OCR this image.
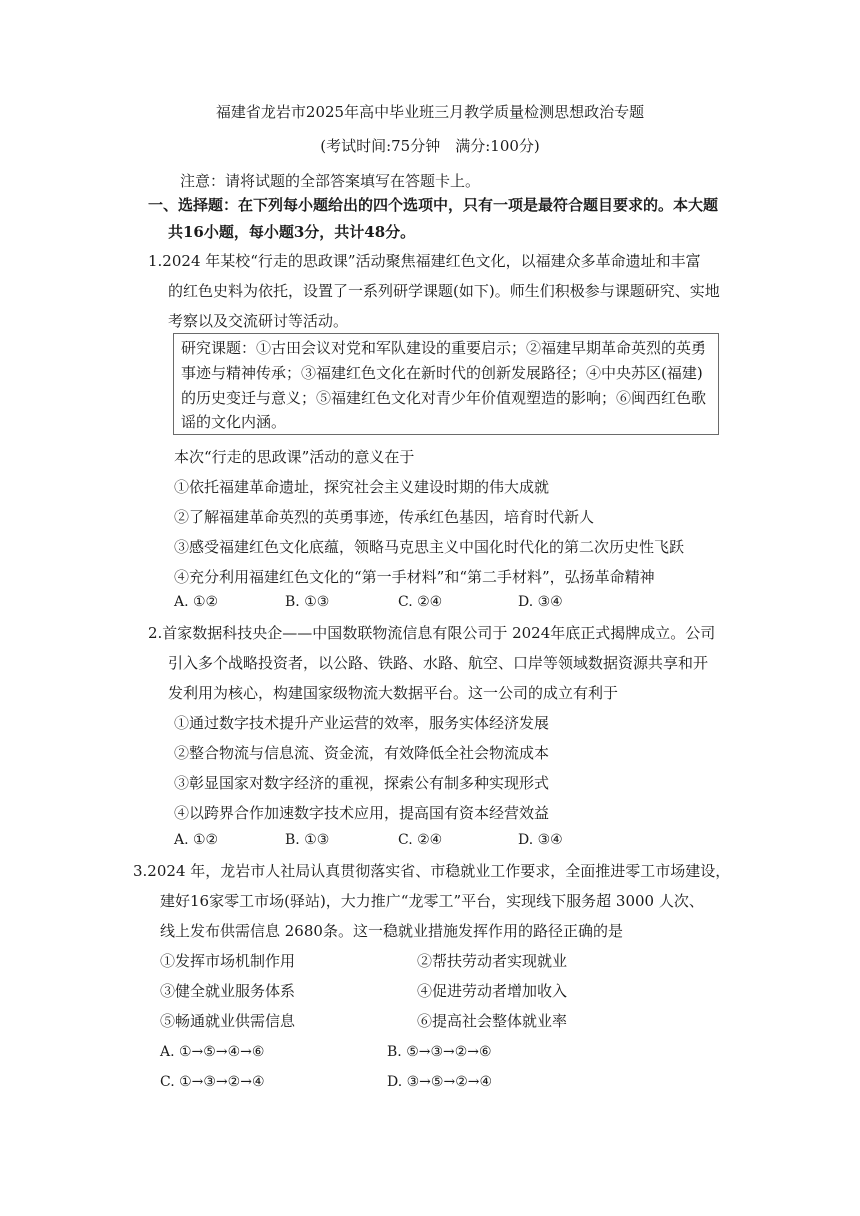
福建省龙岩市2025年高中毕业班三月教学质量检测思想政治专题
(考试时间:75分钟　满分:100分)
注意：请将试题的全部答案填写在答题卡上。
一、选择题：在下列每小题给出的四个选项中，只有一项是最符合题目要求的。本大题
共16小题，每小题3分，共计48分。
1.2024 年某校“行走的思政课”活动聚焦福建红色文化，以福建众多革命遗址和丰富
的红色史料为依托，设置了一系列研学课题(如下)。师生们积极参与课题研究、实地
考察以及交流研讨等活动。
研究课题：①古田会议对党和军队建设的重要启示；②福建早期革命英烈的英勇
事迹与精神传承；③福建红色文化在新时代的创新发展路径；④中央苏区(福建)
的历史变迁与意义；⑤福建红色文化对青少年价值观塑造的影响；⑥闽西红色歌
谣的文化内涵。
本次“行走的思政课”活动的意义在于
①依托福建革命遗址，探究社会主义建设时期的伟大成就
②了解福建革命英烈的英勇事迹，传承红色基因，培育时代新人
③感受福建红色文化底蕴，领略马克思主义中国化时代化的第二次历史性飞跃
④充分利用福建红色文化的“第一手材料”和“第二手材料”，弘扬革命精神
A. ①②	B. ①③	C. ②④	D. ③④
2.首家数据科技央企——中国数联物流信息有限公司于 2024年底正式揭牌成立。公司
引入多个战略投资者，以公路、铁路、水路、航空、口岸等领域数据资源共享和开
发利用为核心，构建国家级物流大数据平台。这一公司的成立有利于
①通过数字技术提升产业运营的效率，服务实体经济发展
②整合物流与信息流、资金流，有效降低全社会物流成本
③彰显国家对数字经济的重视，探索公有制多种实现形式
④以跨界合作加速数字技术应用，提高国有资本经营效益
A. ①②	B. ①③	C. ②④	D. ③④
3.2024 年，龙岩市人社局认真贯彻落实省、市稳就业工作要求，全面推进零工市场建设，
建好16家零工市场(驿站)，大力推广“龙零工”平台，实现线下服务超 3000 人次、
线上发布供需信息 2680条。这一稳就业措施发挥作用的路径正确的是
①发挥市场机制作用	②帮扶劳动者实现就业
③健全就业服务体系	④促进劳动者增加收入
⑤畅通就业供需信息	⑥提高社会整体就业率
A. ①→⑤→④→⑥	B. ⑤→③→②→⑥
C. ①→③→②→④	D. ③→⑤→②→④
